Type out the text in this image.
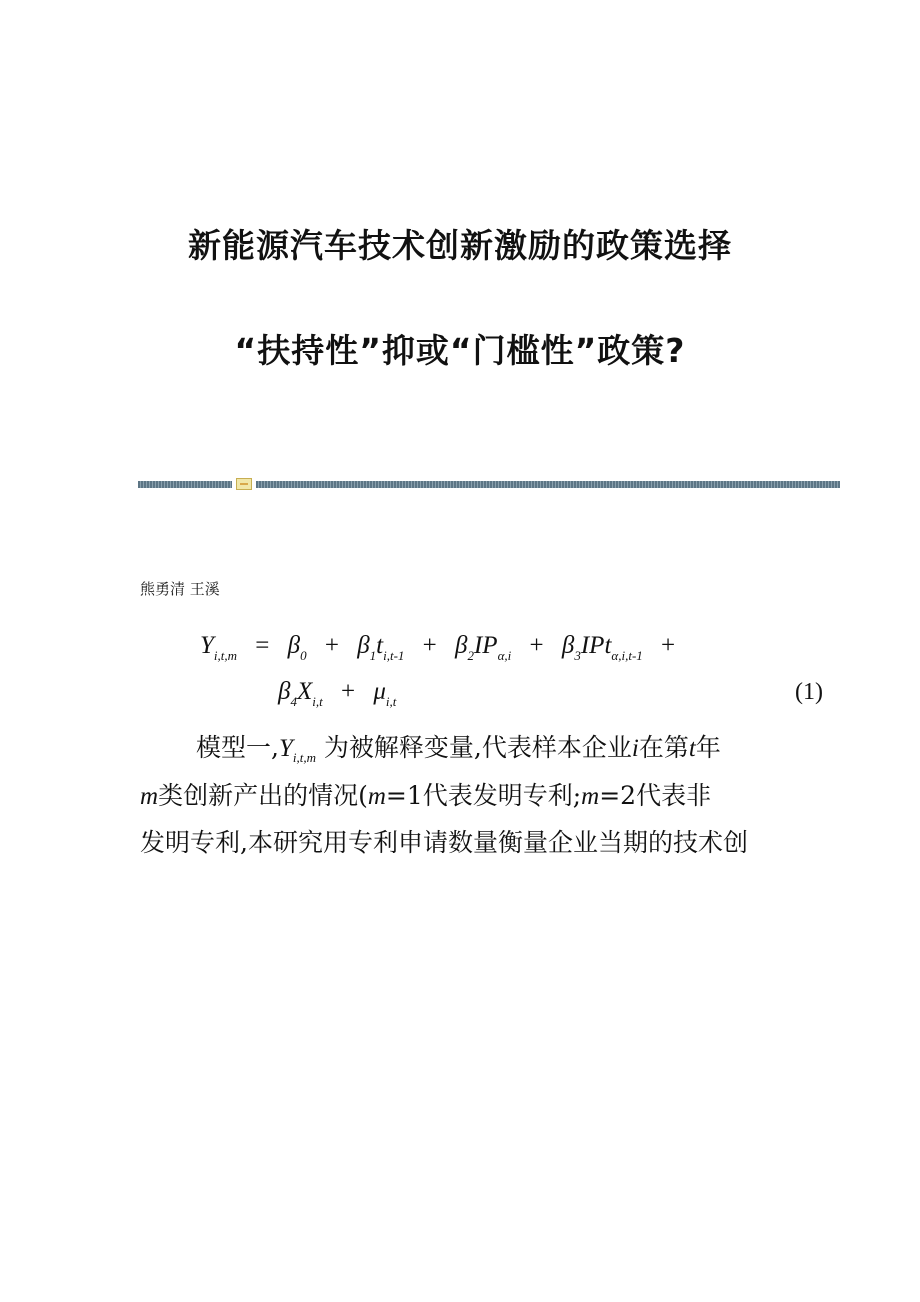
新能源汽车技术创新激励的政策选择
“扶持性”抑或“门槛性”政策?
熊勇清 王溪
$Y_{i,t,m} = \beta_0 + \beta_1t_{i,t-1} + \beta_2IP_{\alpha,i} + \beta_3IPt_{\alpha,i,t-1}$ +
$\beta_4X_{i,t} + \mu_{i,t}$	(1)
模型一$,Y_{i,t,m}$ 为被解释变量,代表样本企业i在第t年
m类创新产出的情况(m=1代表发明专利;m=2代表非
发明专利,本研究用专利申请数量衡量企业当期的技术创
